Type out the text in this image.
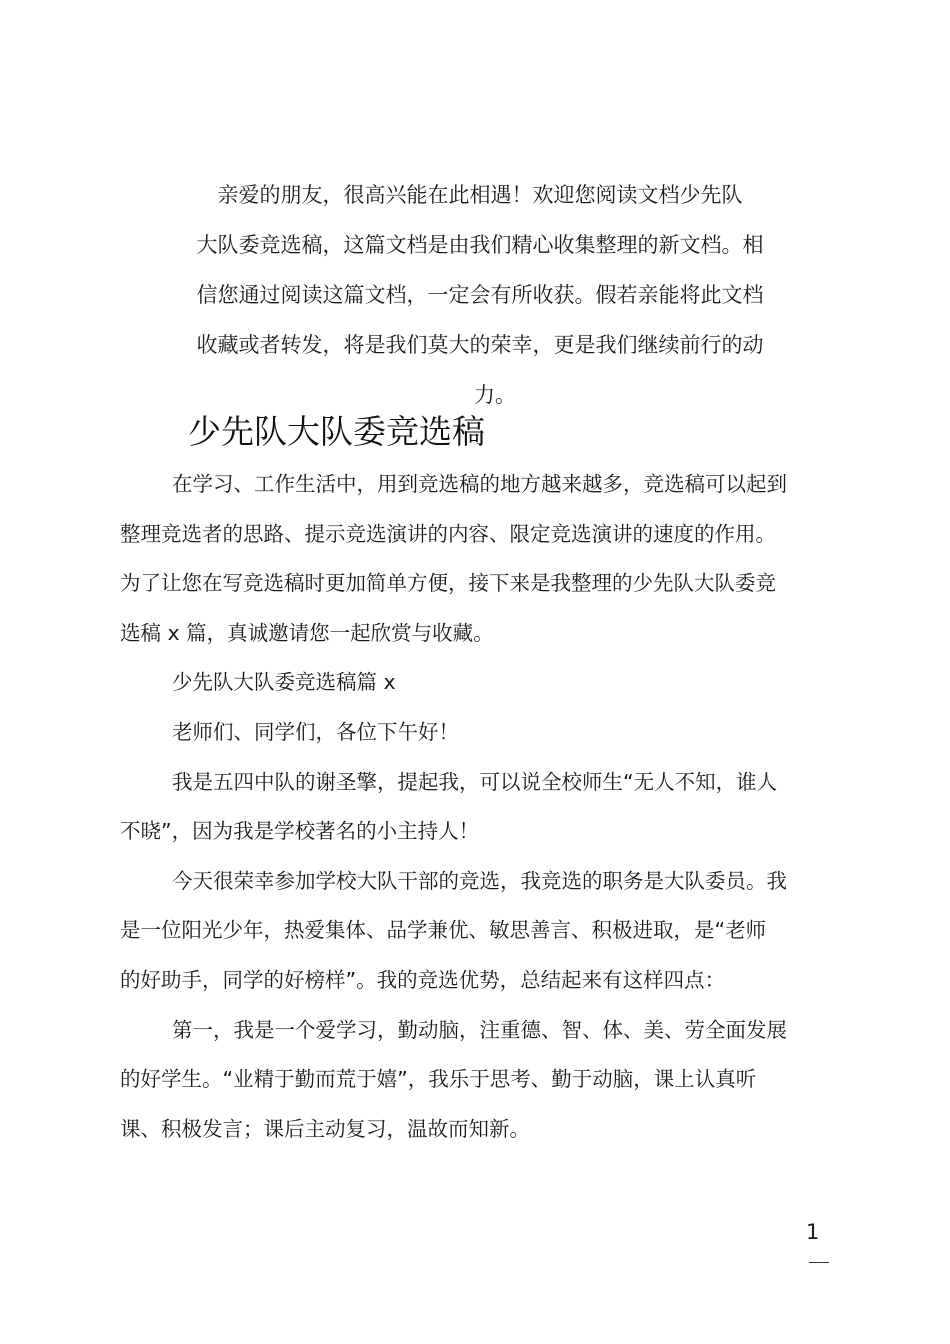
亲爱的朋友，很高兴能在此相遇！欢迎您阅读文档少先队
大队委竞选稿，这篇文档是由我们精心收集整理的新文档。相
信您通过阅读这篇文档，一定会有所收获。假若亲能将此文档
收藏或者转发，将是我们莫大的荣幸，更是我们继续前行的动
力。
少先队大队委竞选稿
在学习、工作生活中，用到竞选稿的地方越来越多，竞选稿可以起到
整理竞选者的思路、提示竞选演讲的内容、限定竞选演讲的速度的作用。
为了让您在写竞选稿时更加简单方便，接下来是我整理的少先队大队委竞
选稿 x 篇，真诚邀请您一起欣赏与收藏。
少先队大队委竞选稿篇 x
老师们、同学们，各位下午好！
我是五四中队的谢圣擎，提起我，可以说全校师生“无人不知，谁人
不晓”，因为我是学校著名的小主持人！
今天很荣幸参加学校大队干部的竞选，我竞选的职务是大队委员。我
是一位阳光少年，热爱集体、品学兼优、敏思善言、积极进取，是“老师
的好助手，同学的好榜样”。我的竞选优势，总结起来有这样四点：
第一，我是一个爱学习，勤动脑，注重德、智、体、美、劳全面发展
的好学生。“业精于勤而荒于嬉”，我乐于思考、勤于动脑，课上认真听
课、积极发言；课后主动复习，温故而知新。
1
